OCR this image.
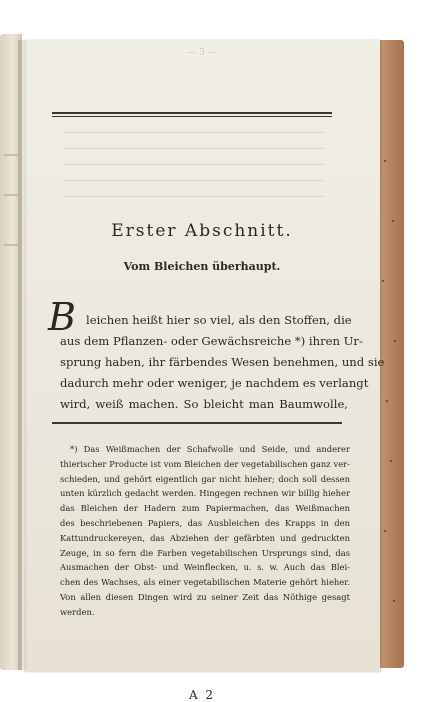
— 3 —
Erster Abschnitt.
Vom Bleichen überhaupt.
B leichen heißt hier so viel, als den Stoffen, die
aus dem Pflanzen- oder Gewächsreiche *) ihren Ur-
sprung haben, ihr färbendes Wesen benehmen, und sie
dadurch mehr oder weniger, je nachdem es verlangt
wird, weiß machen. So bleicht man Baumwolle,
*) Das Weißmachen der Schafwolle und Seide, und anderer
thierischer Producte ist vom Bleichen der vegetabilischen ganz ver-
schieden, und gehört eigentlich gar nicht hieher; doch soll dessen
unten kürzlich gedacht werden. Hingegen rechnen wir billig hieher
das Bleichen der Hadern zum Papiermachen, das Weißmachen
des beschriebenen Papiers, das Ausbleichen des Krapps in den
Kattundruckereyen, das Abziehen der gefärbten und gedruckten
Zeuge, in so fern die Farben vegetabilischen Ursprungs sind, das
Ausmachen der Obst- und Weinflecken, u. s. w. Auch das Blei-
chen des Wachses, als einer vegetabilischen Materie gehört hieher.
Von allen diesen Dingen wird zu seiner Zeit das Nöthige gesagt
werden.
A 2
